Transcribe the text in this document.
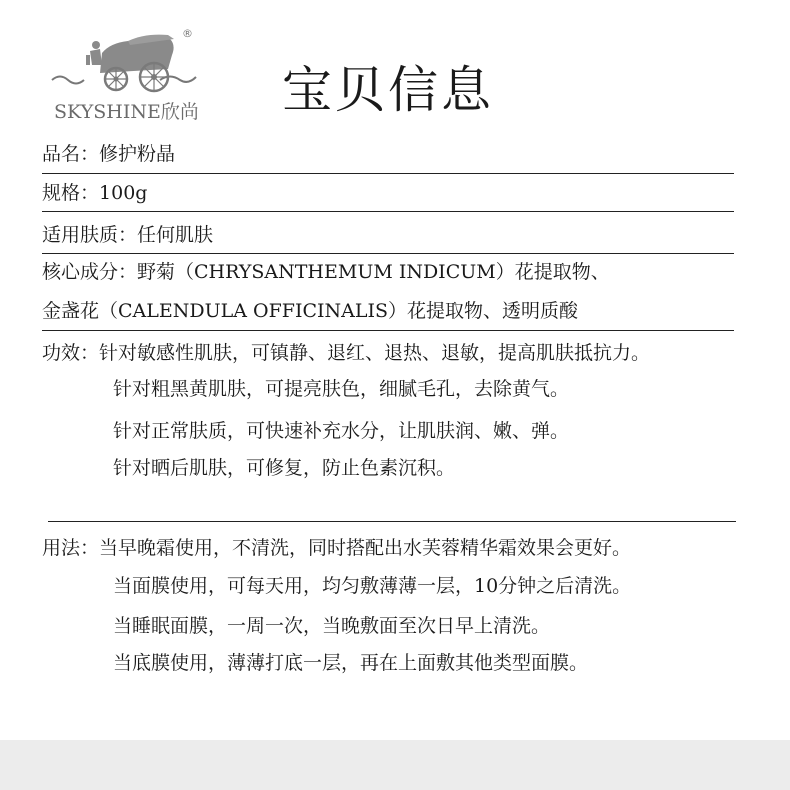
®
SKYSHINE欣尚 宝贝信息
品名：修护粉晶
规格：100g
适用肤质：任何肌肤
核心成分：野菊（CHRYSANTHEMUM INDICUM）花提取物、
金盏花（CALENDULA OFFICINALIS）花提取物、透明质酸
功效：针对敏感性肌肤，可镇静、退红、退热、退敏，提高肌肤抵抗力。
针对粗黑黄肌肤，可提亮肤色，细腻毛孔，去除黄气。
针对正常肤质，可快速补充水分，让肌肤润、嫩、弹。
针对晒后肌肤，可修复，防止色素沉积。
用法：当早晚霜使用，不清洗，同时搭配出水芙蓉精华霜效果会更好。
当面膜使用，可每天用，均匀敷薄薄一层，10分钟之后清洗。
当睡眠面膜，一周一次，当晚敷面至次日早上清洗。
当底膜使用，薄薄打底一层，再在上面敷其他类型面膜。
